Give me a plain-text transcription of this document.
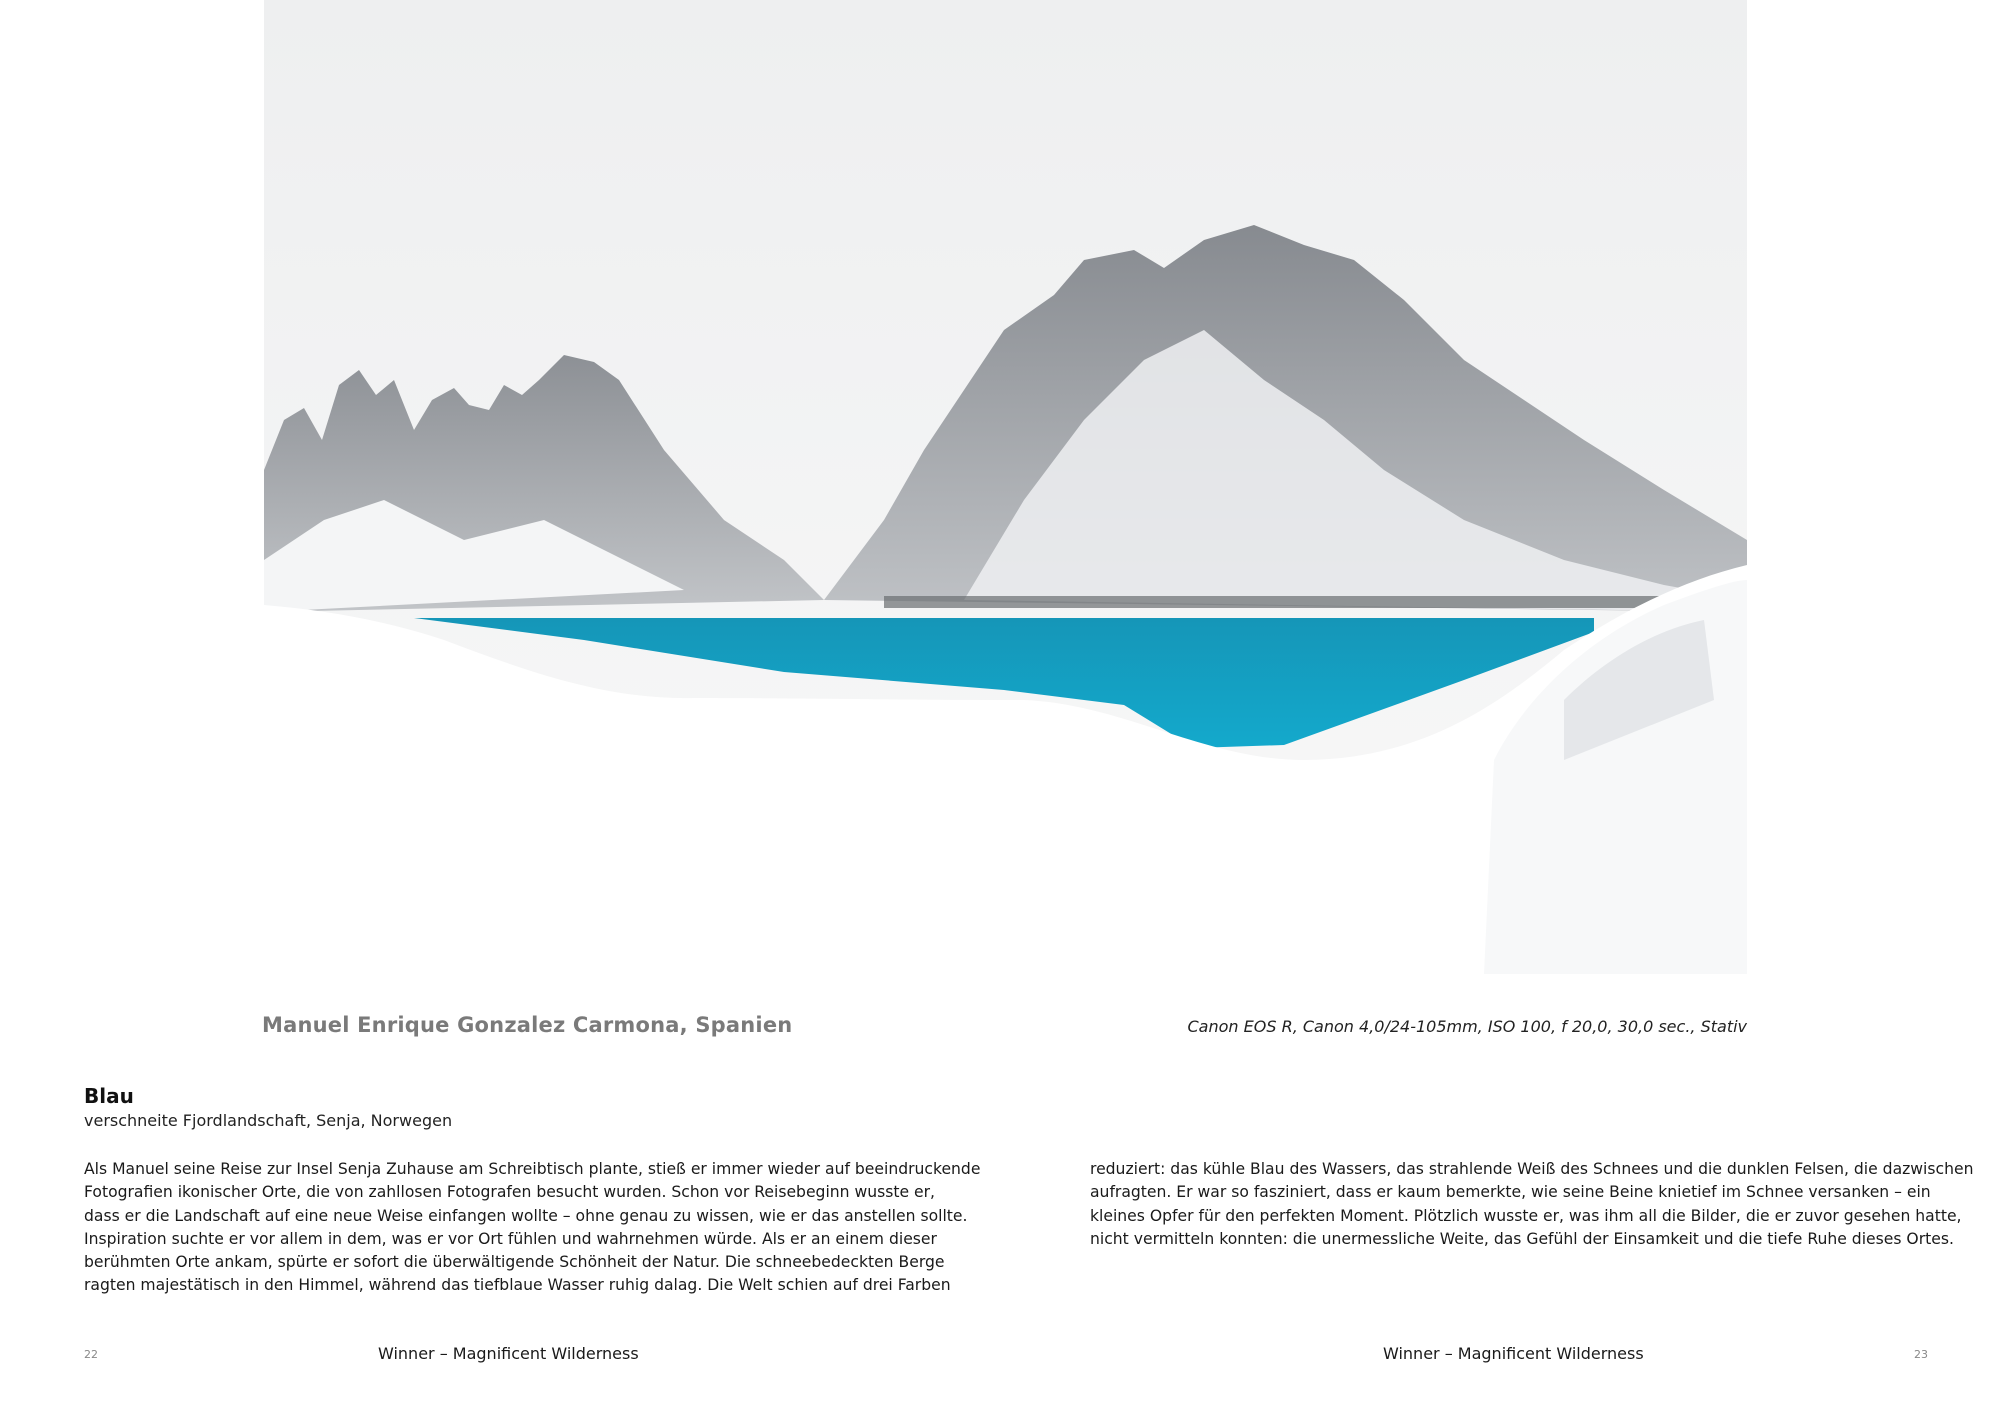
Manuel Enrique Gonzalez Carmona, Spanien	Canon EOS R, Canon 4,0/24-105mm, ISO 100, f 20,0, 30,0 sec., Stativ
Blau
verschneite Fjordlandschaft, Senja, Norwegen
Als Manuel seine Reise zur Insel Senja Zuhause am Schreibtisch plante, stieß er immer wieder auf beeindruckende
Fotografien ikonischer Orte, die von zahllosen Fotografen besucht wurden. Schon vor Reisebeginn wusste er,
dass er die Landschaft auf eine neue Weise einfangen wollte – ohne genau zu wissen, wie er das anstellen sollte.
Inspiration suchte er vor allem in dem, was er vor Ort fühlen und wahrnehmen würde. Als er an einem dieser
berühmten Orte ankam, spürte er sofort die überwältigende Schönheit der Natur. Die schneebedeckten Berge
ragten majestätisch in den Himmel, während das tiefblaue Wasser ruhig dalag. Die Welt schien auf drei Farben
reduziert: das kühle Blau des Wassers, das strahlende Weiß des Schnees und die dunklen Felsen, die dazwischen
aufragten. Er war so fasziniert, dass er kaum bemerkte, wie seine Beine knietief im Schnee versanken – ein
kleines Opfer für den perfekten Moment. Plötzlich wusste er, was ihm all die Bilder, die er zuvor gesehen hatte,
nicht vermitteln konnten: die unermessliche Weite, das Gefühl der Einsamkeit und die tiefe Ruhe dieses Ortes.
22	Winner – Magnificent Wilderness	Winner – Magnificent Wilderness	23
